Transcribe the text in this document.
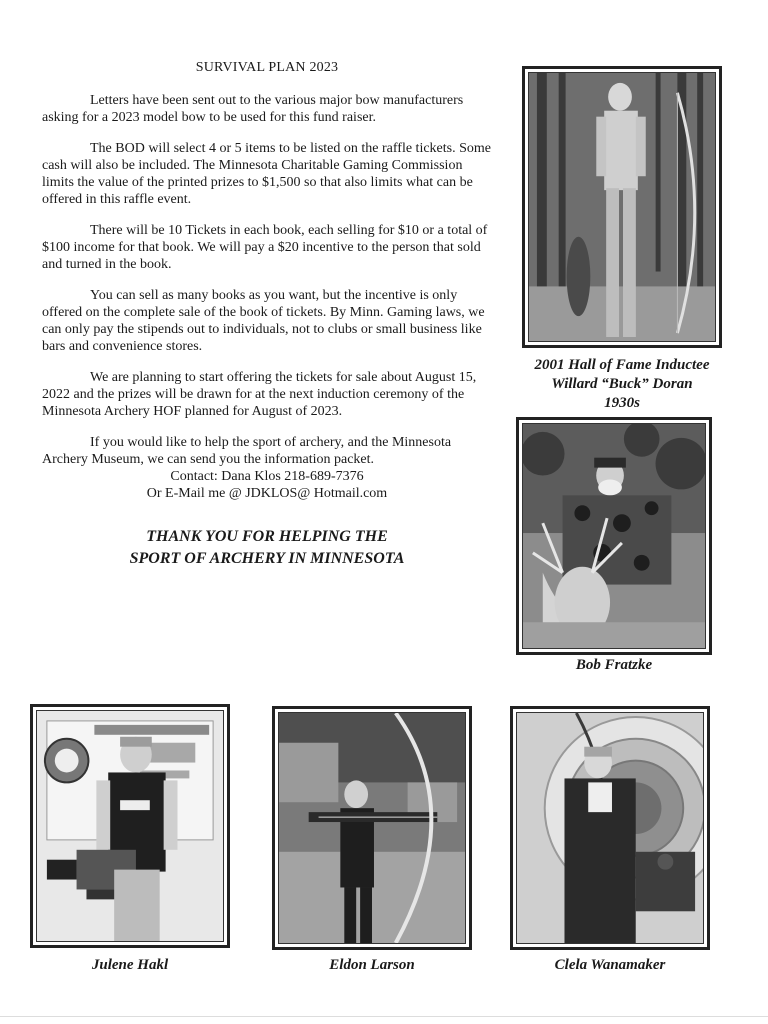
SURVIVAL PLAN 2023

Letters have been sent out to the various major bow manufacturers asking for a 2023 model bow to be used for this fund raiser.

The BOD will select 4 or 5 items to be listed on the raffle tickets. Some cash will also be included. The Minnesota Charitable Gaming Commission limits the value of the printed prizes to $1,500 so that also limits what can be offered in this raffle event.

There will be 10 Tickets in each book, each selling for $10 or a total of $100 income for that book. We will pay a $20 incentive to the person that sold and turned in the book.

You can sell as many books as you want, but the incentive is only offered on the complete sale of the book of tickets. By Minn. Gaming laws, we can only pay the stipends out to individuals, not to clubs or small business like bars and convenience stores.

We are planning to start offering the tickets for sale about August 15, 2022 and the prizes will be drawn for at the next induction ceremony of the Minnesota Archery HOF planned for August of 2023.

If you would like to help the sport of archery, and the Minnesota Archery Museum, we can send you the information packet.

Contact: Dana Klos 218-689-7376

Or E-Mail me @ JDKLOS@ Hotmail.com

THANK YOU FOR HELPING THE
SPORT OF ARCHERY IN MINNESOTA
2001 Hall of Fame Inductee
Willard “Buck” Doran
1930s
Bob Fratzke
Julene Hakl	Eldon Larson	Clela Wanamaker
